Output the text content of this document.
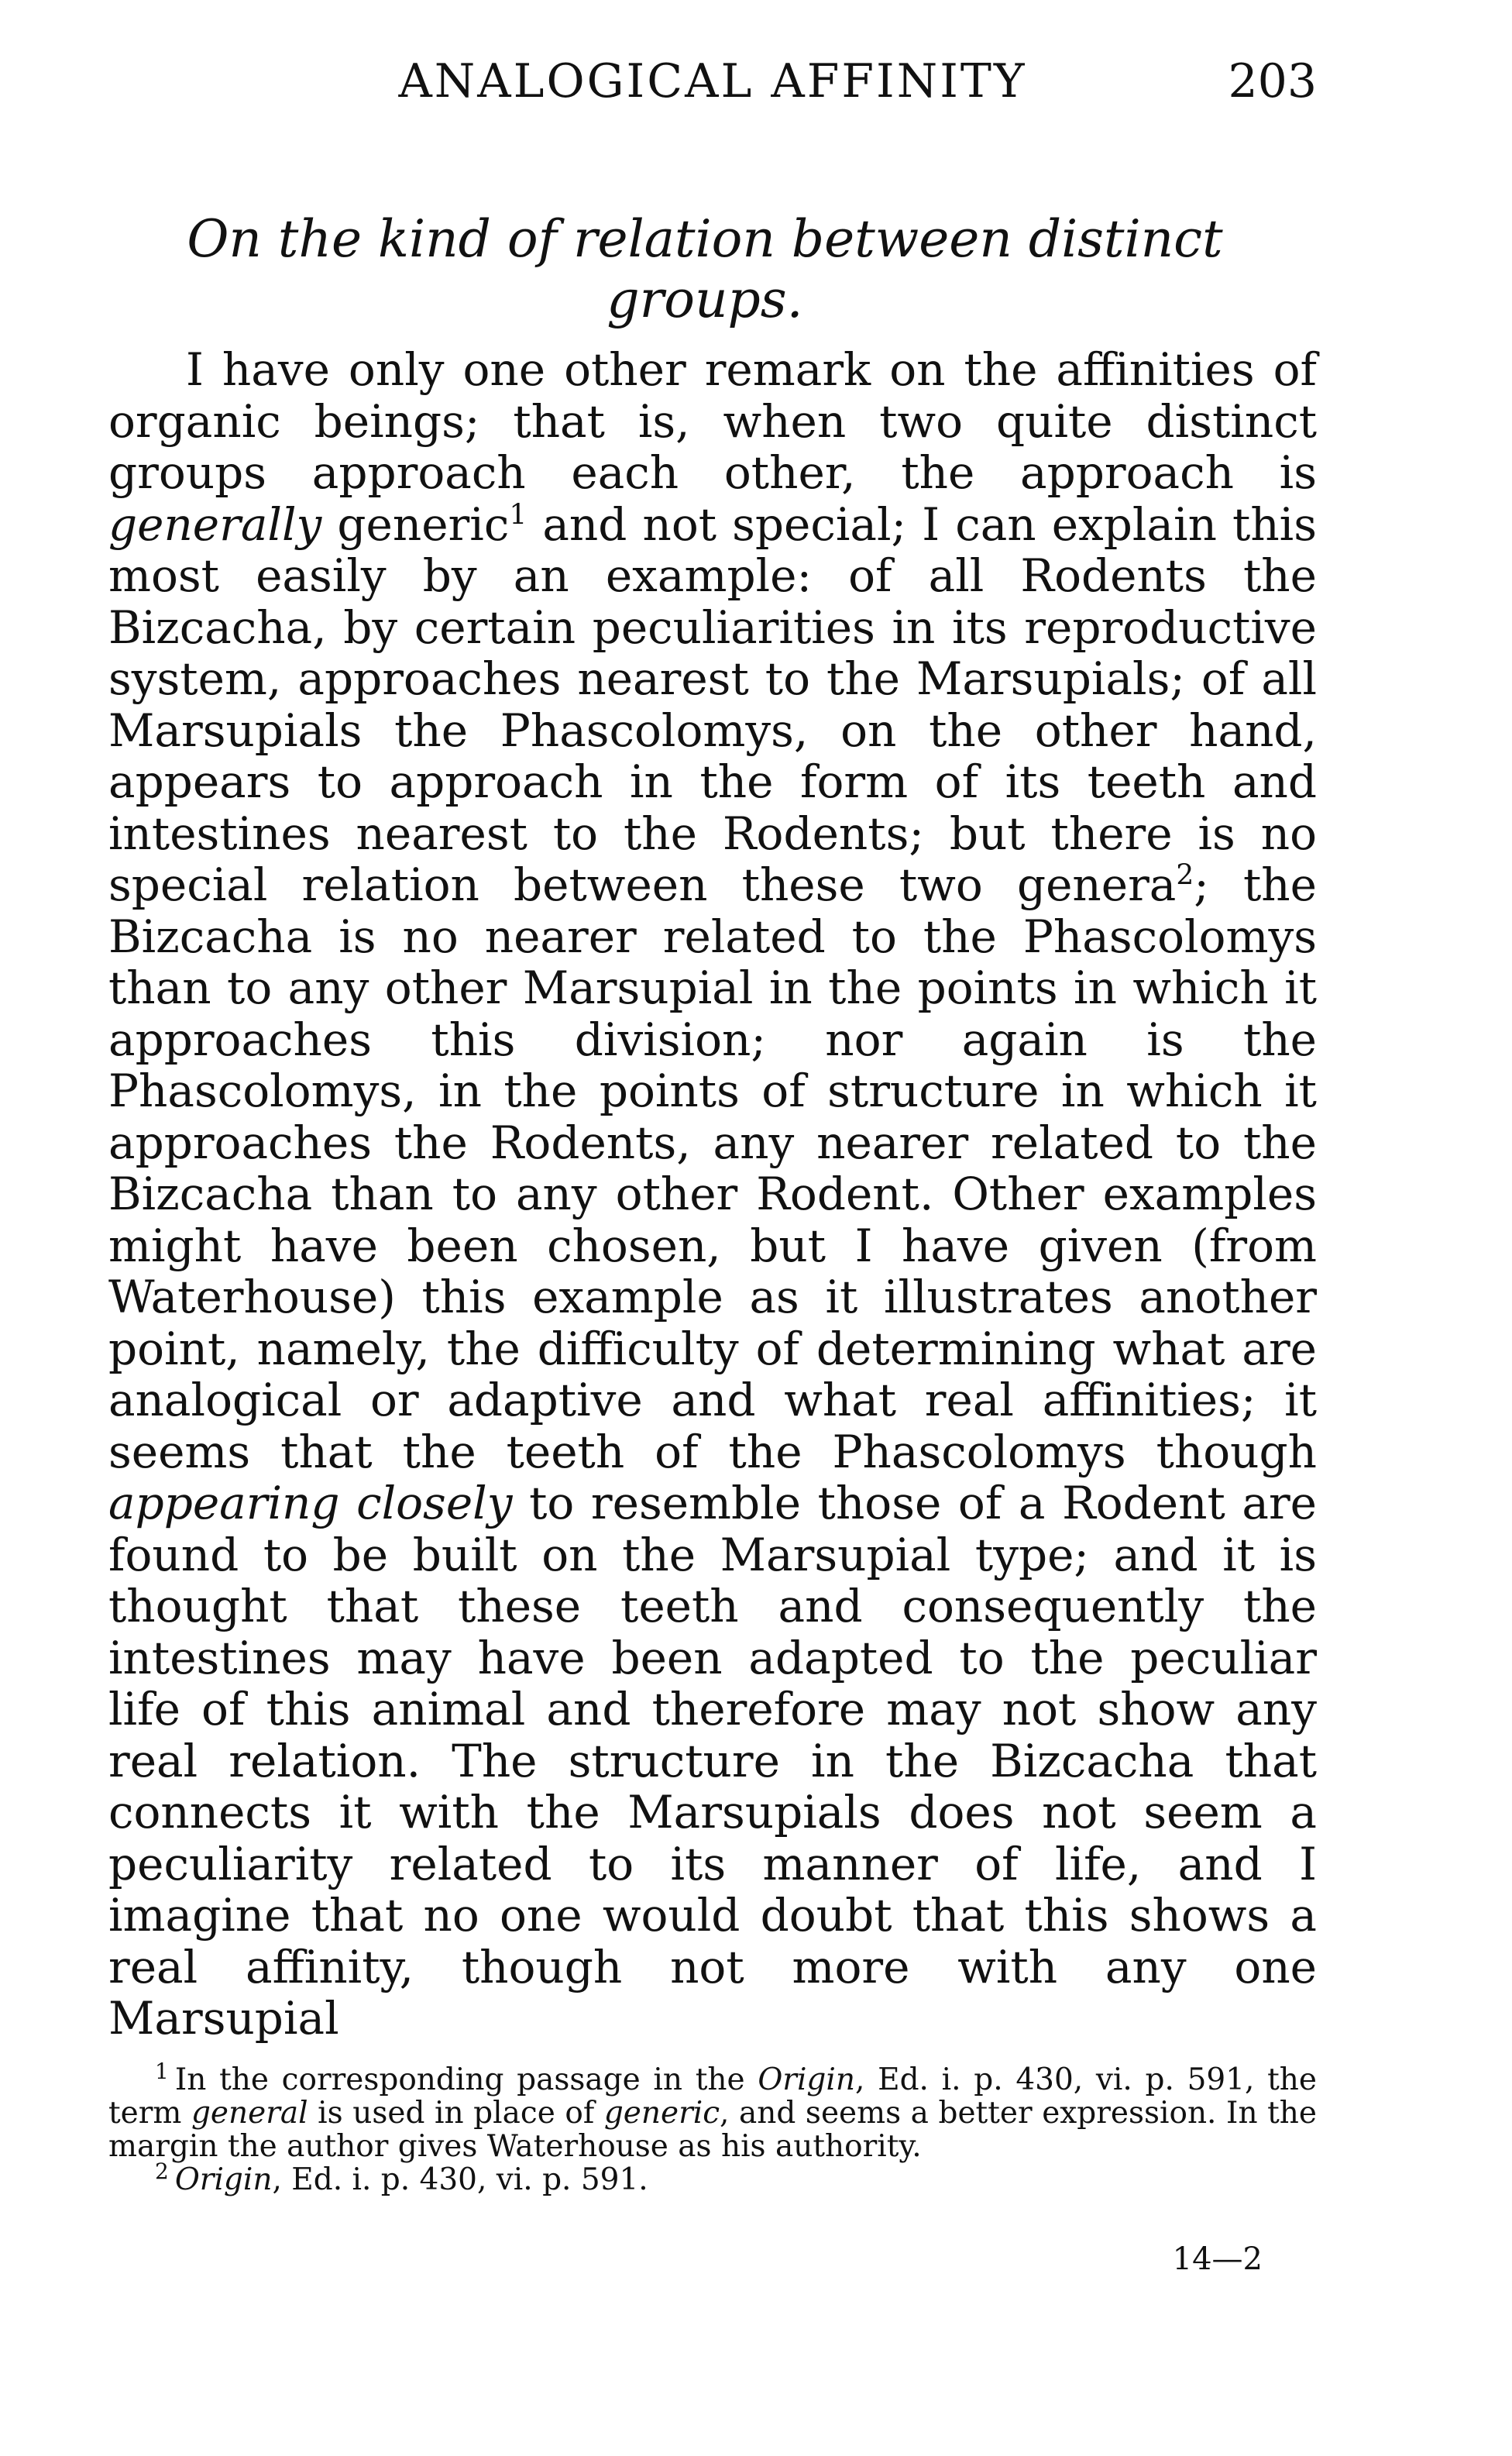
ANALOGICAL AFFINITY	203
On the kind of relation between distinct groups.

I have only one other remark on the affinities of organic beings; that is, when two quite distinct groups approach each other, the approach is generally generic$^1$ and not special; I can explain this most easily by an example: of all Rodents the Bizcacha, by certain peculiarities in its reproductive system, approaches nearest to the Marsupials; of all Marsupials the Phascolomys, on the other hand, appears to approach in the form of its teeth and intestines nearest to the Rodents; but there is no special relation between these two genera$^2$; the Bizcacha is no nearer related to the Phascolomys than to any other Marsupial in the points in which it approaches this division; nor again is the Phascolomys, in the points of structure in which it approaches the Rodents, any nearer related to the Bizcacha than to any other Rodent. Other examples might have been chosen, but I have given (from Waterhouse) this example as it illustrates another point, namely, the difficulty of determining what are analogical or adaptive and what real affinities; it seems that the teeth of the Phascolomys though appearing closely to resemble those of a Rodent are found to be built on the Marsupial type; and it is thought that these teeth and consequently the intestines may have been adapted to the peculiar life of this animal and therefore may not show any real relation. The structure in the Bizcacha that connects it with the Marsupials does not seem a peculiarity related to its manner of life, and I imagine that no one would doubt that this shows a real affinity, though not more with any one Marsupial

$^1$ In the corresponding passage in the Origin, Ed. i. p. 430, vi. p. 591, the term general is used in place of generic, and seems a better expression. In the margin the author gives Waterhouse as his authority.

$^2$ Origin, Ed. i. p. 430, vi. p. 591.

14—2
